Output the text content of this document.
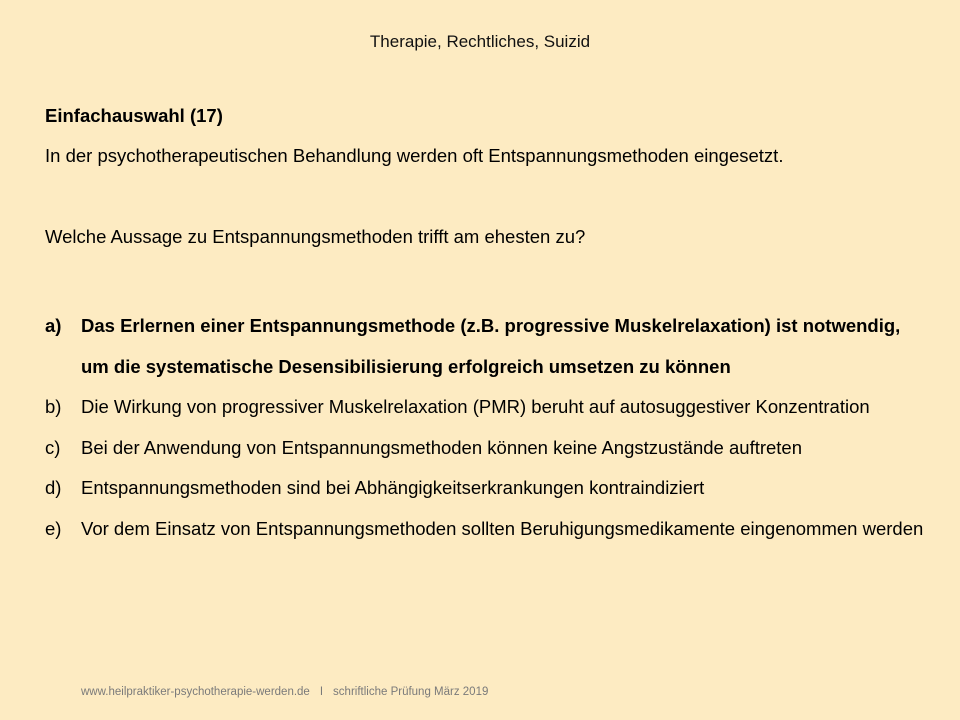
Therapie, Rechtliches, Suizid
Einfachauswahl (17)
In der psychotherapeutischen Behandlung werden oft Entspannungsmethoden eingesetzt.
Welche Aussage zu Entspannungsmethoden trifft am ehesten zu?
a)	Das Erlernen einer Entspannungsmethode (z.B. progressive Muskelrelaxation) ist notwendig, um die systematische Desensibilisierung erfolgreich umsetzen zu können
b)	Die Wirkung von progressiver Muskelrelaxation (PMR) beruht auf autosuggestiver Konzentration
c)	Bei der Anwendung von Entspannungsmethoden können keine Angstzustände auftreten
d)	Entspannungsmethoden sind bei Abhängigkeitserkrankungen kontraindiziert
e)	Vor dem Einsatz von Entspannungsmethoden sollten Beruhigungsmedikamente eingenommen werden
www.heilpraktiker-psychotherapie-werden.de I schriftliche Prüfung März 2019
